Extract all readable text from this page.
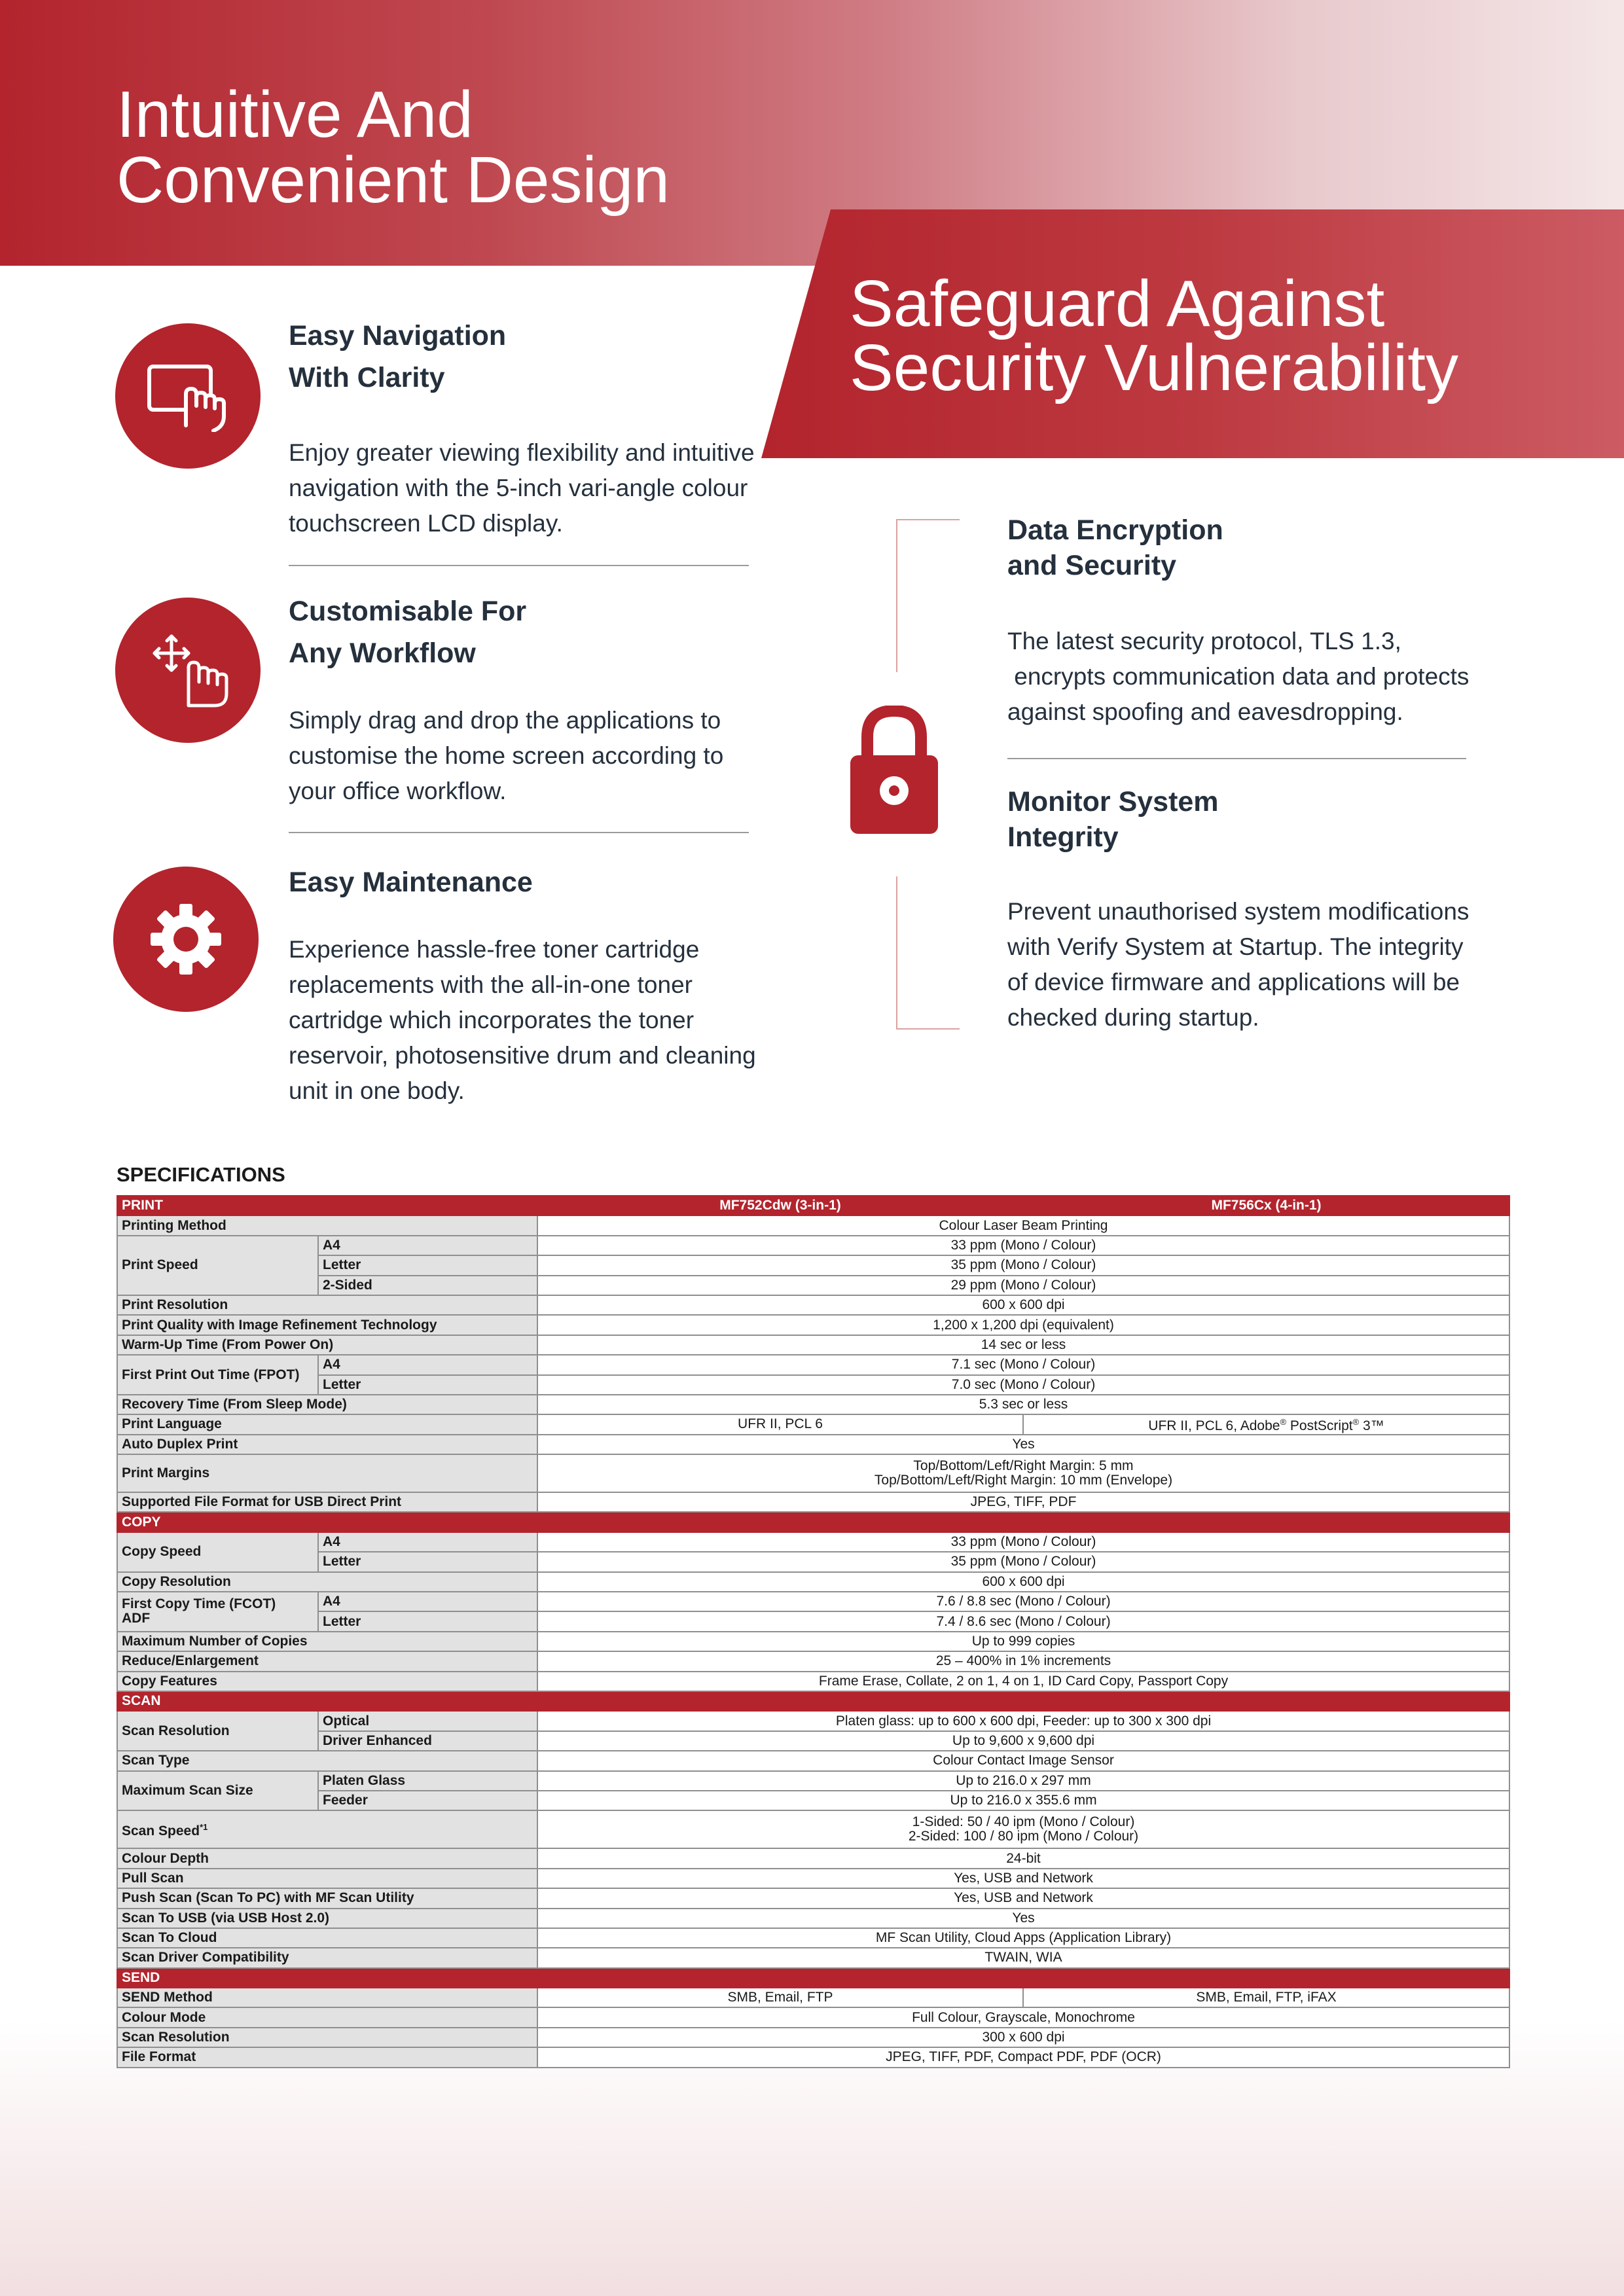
Intuitive And
Convenient Design
Safeguard Against
Security Vulnerability
Easy Navigation
With Clarity

Enjoy greater viewing flexibility and intuitive
navigation with the 5-inch vari-angle colour
touchscreen LCD display.

Customisable For
Any Workflow

Simply drag and drop the applications to
customise the home screen according to
your office workflow.

Easy Maintenance

Experience hassle-free toner cartridge
replacements with the all-in-one toner
cartridge which incorporates the toner
reservoir, photosensitive drum and cleaning
unit in one body.

Data Encryption
and Security

The latest security protocol, TLS 1.3,
encrypts communication data and protects
against spoofing and eavesdropping.

Monitor System
Integrity

Prevent unauthorised system modifications
with Verify System at Startup. The integrity
of device firmware and applications will be
checked during startup.

SPECIFICATIONS
PRINT		MF752Cdw (3-in-1)	MF756Cx (4-in-1)
Printing Method		Colour Laser Beam Printing	
Print Speed	A4	33 ppm (Mono / Colour)	
	Letter	35 ppm (Mono / Colour)	
	2-Sided	29 ppm (Mono / Colour)	
Print Resolution		600 x 600 dpi	
Print Quality with Image Refinement Technology		1,200 x 1,200 dpi (equivalent)	
Warm-Up Time (From Power On)		14 sec or less	
First Print Out Time (FPOT)	A4	7.1 sec (Mono / Colour)	
	Letter	7.0 sec (Mono / Colour)	
Recovery Time (From Sleep Mode)		5.3 sec or less	
Print Language		UFR II, PCL 6	UFR II, PCL 6, Adobe® PostScript® 3™
Auto Duplex Print		Yes	
Print Margins		Top/Bottom/Left/Right Margin: 5 mm
Top/Bottom/Left/Right Margin: 10 mm (Envelope)	
Supported File Format for USB Direct Print		JPEG, TIFF, PDF	
COPY			
Copy Speed	A4	33 ppm (Mono / Colour)	
	Letter	35 ppm (Mono / Colour)	
Copy Resolution		600 x 600 dpi	
First Copy Time (FCOT)
ADF	A4	7.6 / 8.8 sec (Mono / Colour)	
	Letter	7.4 / 8.6 sec (Mono / Colour)	
Maximum Number of Copies		Up to 999 copies	
Reduce/Enlargement		25 – 400% in 1% increments	
Copy Features		Frame Erase, Collate, 2 on 1, 4 on 1, ID Card Copy, Passport Copy	
SCAN			
Scan Resolution	Optical	Platen glass: up to 600 x 600 dpi, Feeder: up to 300 x 300 dpi	
	Driver Enhanced	Up to 9,600 x 9,600 dpi	
Scan Type		Colour Contact Image Sensor	
Maximum Scan Size	Platen Glass	Up to 216.0 x 297 mm	
	Feeder	Up to 216.0 x 355.6 mm	
Scan Speed$^{*1}$		1-Sided: 50 / 40 ipm (Mono / Colour)
2-Sided: 100 / 80 ipm (Mono / Colour)	
Colour Depth		24-bit	
Pull Scan		Yes, USB and Network	
Push Scan (Scan To PC) with MF Scan Utility		Yes, USB and Network	
Scan To USB (via USB Host 2.0)		Yes	
Scan To Cloud		MF Scan Utility, Cloud Apps (Application Library)	
Scan Driver Compatibility		TWAIN, WIA	
SEND			
SEND Method		SMB, Email, FTP	SMB, Email, FTP, iFAX
Colour Mode		Full Colour, Grayscale, Monochrome	
Scan Resolution		300 x 600 dpi	
File Format		JPEG, TIFF, PDF, Compact PDF, PDF (OCR)	
